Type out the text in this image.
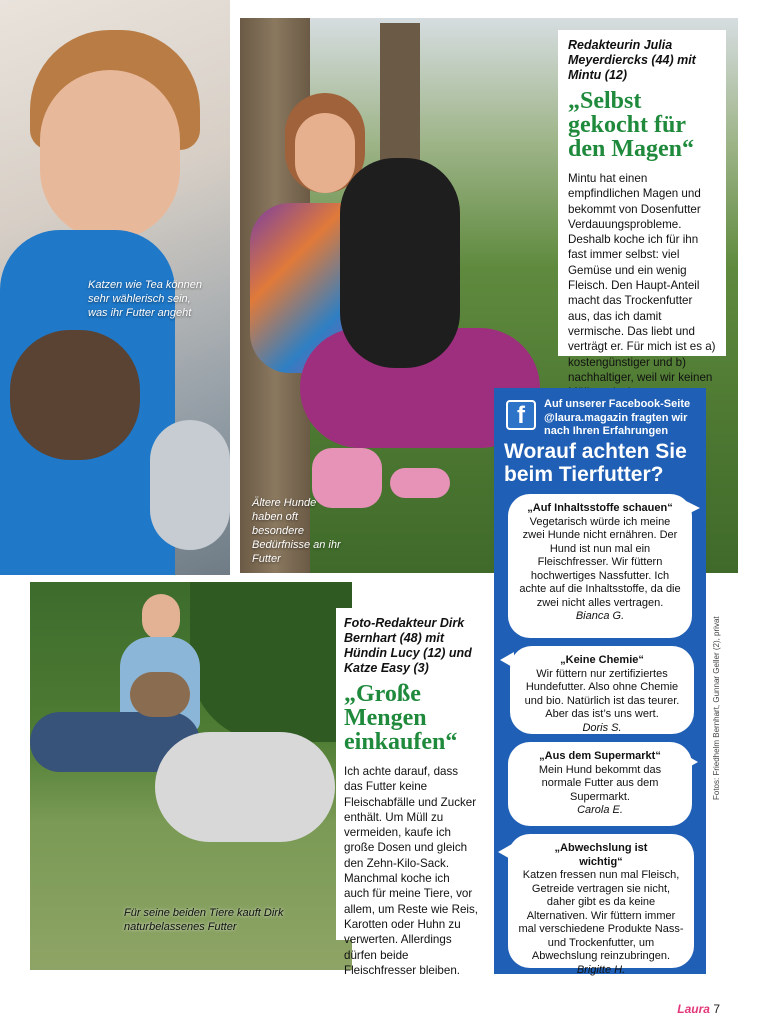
Katzen wie Tea können sehr wählerisch sein, was ihr Futter angeht
Ältere Hunde haben oft besondere Bedürfnisse an ihr Futter
Redakteurin Julia Meyerdiercks (44) mit Mintu (12)
„Selbst gekocht für den Magen“
Mintu hat einen empfindlichen Magen und bekommt von Dosenfutter Verdauungsprobleme. Deshalb koche ich für ihn fast immer selbst: viel Gemüse und ein wenig Fleisch. Den Haupt-Anteil macht das Trockenfutter aus, das ich damit vermische. Das liebt und verträgt er. Für mich ist es a) kostengünstiger und b) nachhaltiger, weil wir keinen
Für seine beiden Tiere kauft Dirk naturbelassenes Futter
Foto-Redakteur Dirk Bernhart (48) mit Hündin Lucy (12) und Katze Easy (3)
„Große Mengen einkaufen“
Ich achte darauf, dass das Futter keine Fleischabfälle und Zucker enthält. Um Müll zu vermeiden, kaufe ich große Dosen und gleich den Zehn-Kilo-Sack. Manchmal koche ich auch für meine Tiere, vor allem, um Reste wie Reis, Karotten oder Huhn zu verwerten. Allerdings dürfen beide Fleischfresser bleiben.
f	Auf unserer Facebook-Seite @laura.magazin fragten wir nach Ihren Erfahrungen
Worauf achten Sie beim Tierfutter?
„Auf Inhaltsstoffe schauen“
Vegetarisch würde ich meine zwei Hunde nicht ernähren. Der Hund ist nun mal ein Fleischfresser. Wir füttern hochwertiges Nassfutter. Ich achte auf die Inhaltsstoffe, da die zwei nicht alles vertragen.
Bianca G.
„Keine Chemie“
Wir füttern nur zertifiziertes Hundefutter. Also ohne Chemie und bio. Natürlich ist das teurer. Aber das ist’s uns wert.
Doris S.
„Aus dem Supermarkt“
Mein Hund bekommt das normale Futter aus dem Supermarkt.
Carola E.
„Abwechslung ist wichtig“
Katzen fressen nun mal Fleisch, Getreide vertragen sie nicht, daher gibt es da keine Alternativen. Wir füttern immer mal verschiedene Produkte Nass- und Trockenfutter, um Abwechslung reinzubringen.
Brigitte H.
Fotos: Friedhelm Bernhart, Gunnar Geller (2), privat
Laura 7
